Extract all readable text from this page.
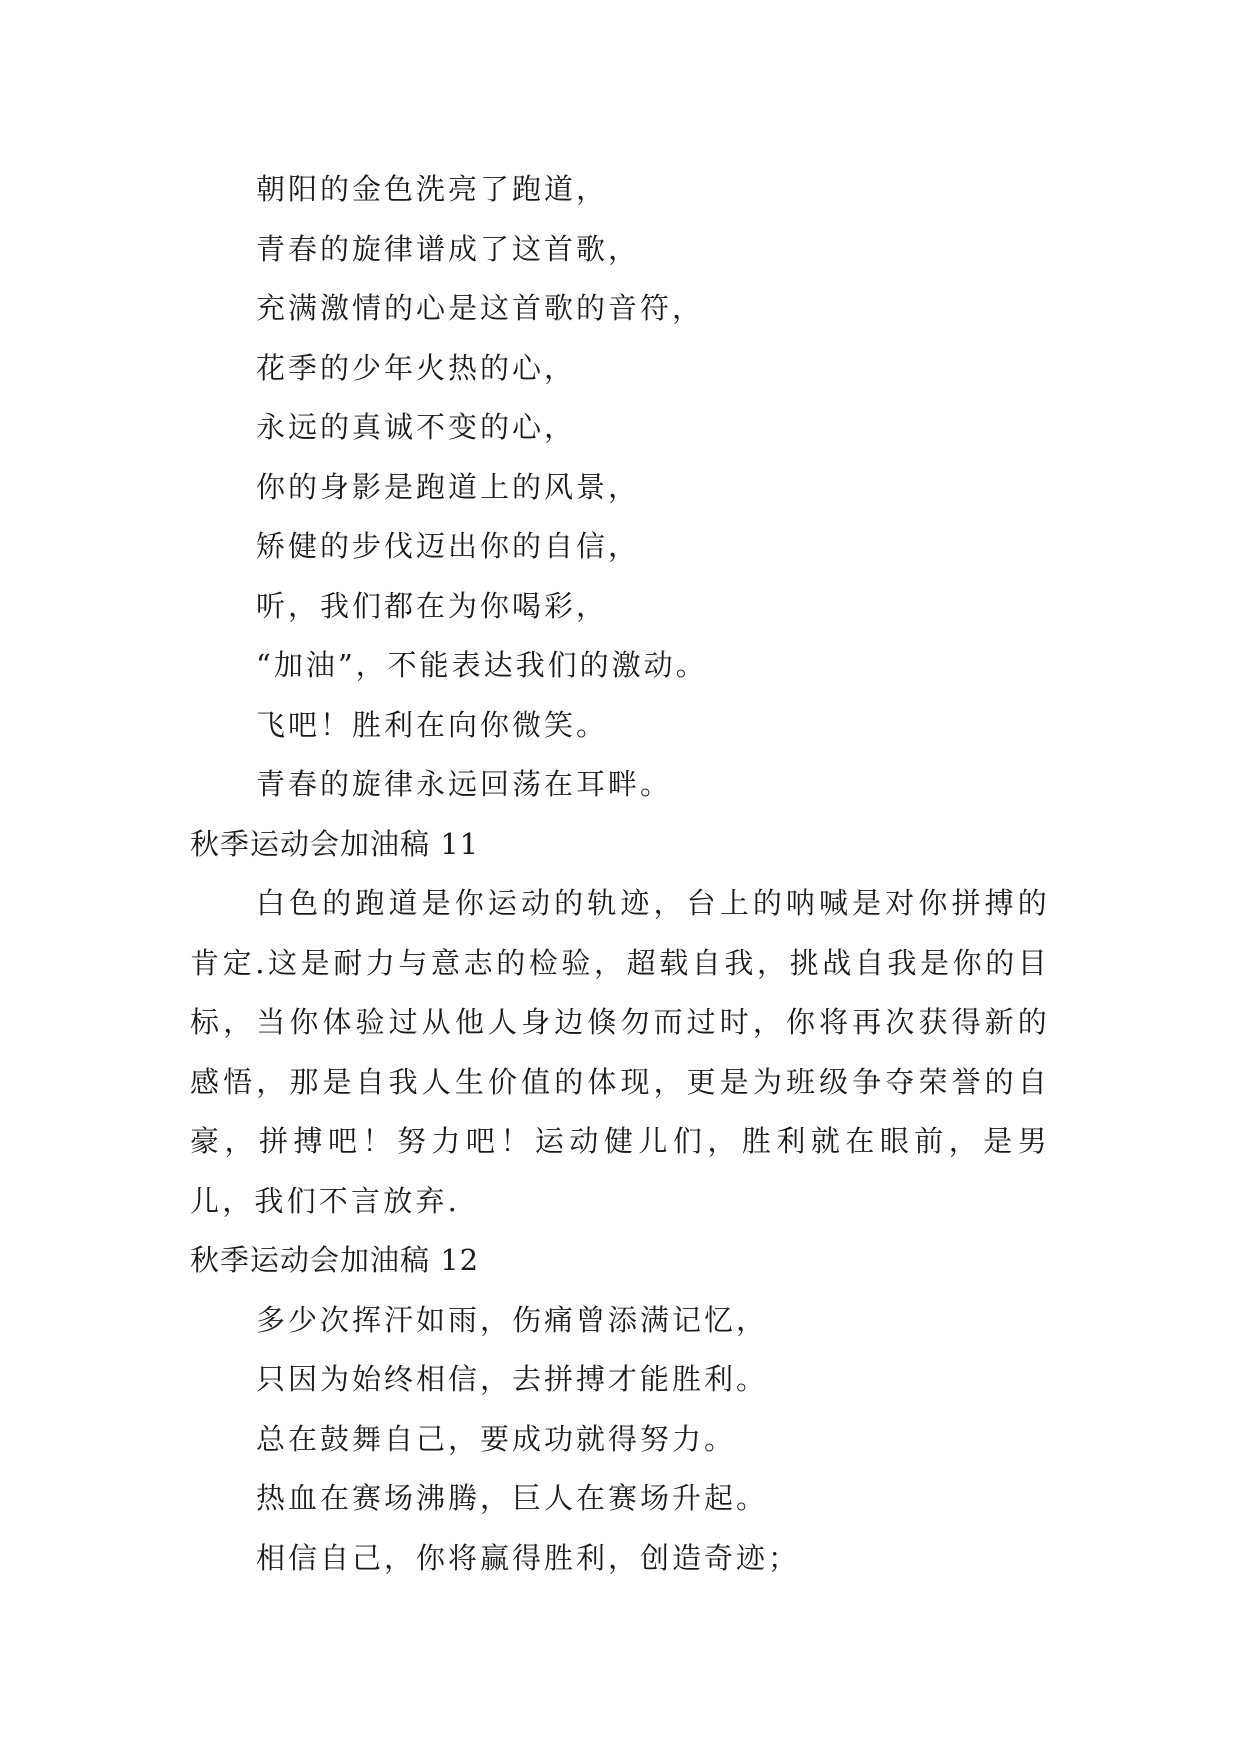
朝阳的金色洗亮了跑道，
青春的旋律谱成了这首歌，
充满激情的心是这首歌的音符，
花季的少年火热的心，
永远的真诚不变的心，
你的身影是跑道上的风景，
矫健的步伐迈出你的自信，
听，我们都在为你喝彩，
“加油”，不能表达我们的激动。
飞吧！胜利在向你微笑。
青春的旋律永远回荡在耳畔。
秋季运动会加油稿 11
白色的跑道是你运动的轨迹，台上的呐喊是对你拼搏的肯定.这是耐力与意志的检验，超载自我，挑战自我是你的目标，当你体验过从他人身边倏勿而过时，你将再次获得新的感悟，那是自我人生价值的体现，更是为班级争夺荣誉的自豪，拼搏吧！努力吧！运动健儿们，胜利就在眼前，是男儿，我们不言放弃.
秋季运动会加油稿 12
多少次挥汗如雨，伤痛曾添满记忆，
只因为始终相信，去拼搏才能胜利。
总在鼓舞自己，要成功就得努力。
热血在赛场沸腾，巨人在赛场升起。
相信自己，你将赢得胜利，创造奇迹；
